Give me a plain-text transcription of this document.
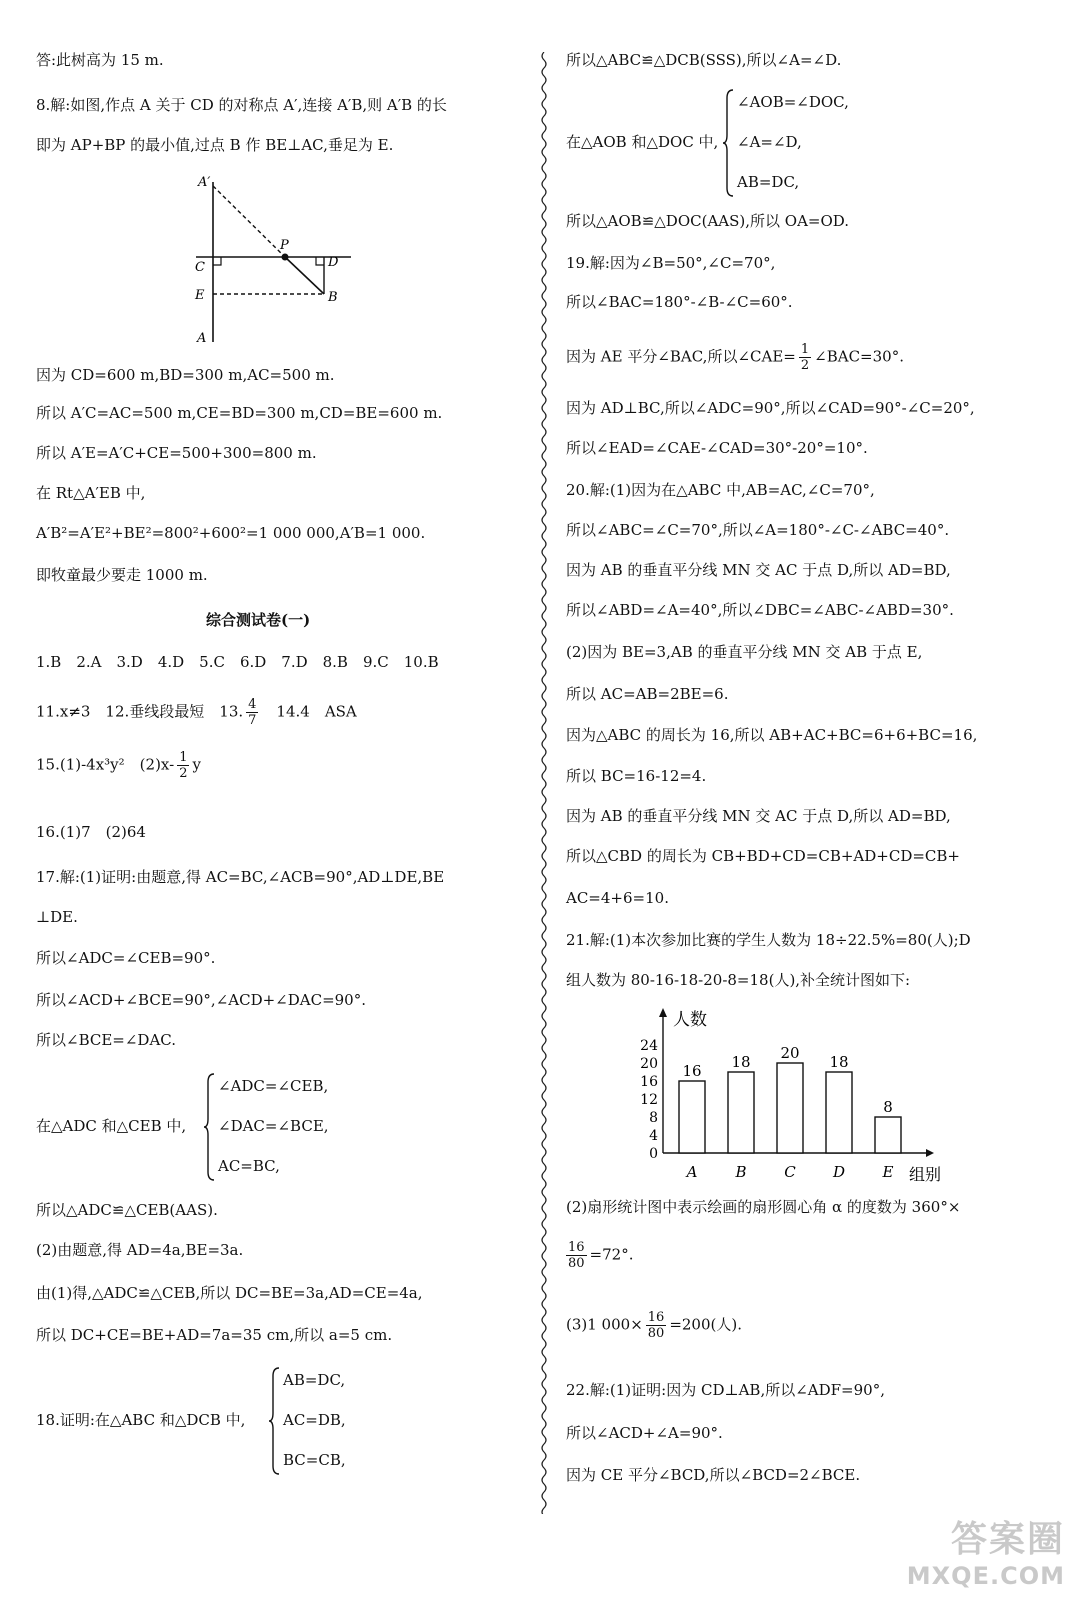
答:此树高为 15 m.
8.解:如图,作点 A 关于 CD 的对称点 A′,连接 A′B,则 A′B 的长
即为 AP+BP 的最小值,过点 B 作 BE⊥AC,垂足为 E.
A′
P
C	D
E	B
A
因为 CD=600 m,BD=300 m,AC=500 m.
所以 A′C=AC=500 m,CE=BD=300 m,CD=BE=600 m.
所以 A′E=A′C+CE=500+300=800 m.
在 Rt△A′EB 中,
A′B²=A′E²+BE²=800²+600²=1 000 000,A′B=1 000.
即牧童最少要走 1000 m.
综合测试卷(一)
1.B　2.A　3.D　4.D　5.C　6.D　7.D　8.B　9.C　10.B
11.x≠3　12.垂线段最短　13. $\frac{4}{7}$ 　14.4　ASA
15.(1)-4x³y²　$(2)x- \frac{1}{2}$ y
16.(1)7　(2)64
17.解:(1)证明:由题意,得 AC=BC,∠ACB=90°,AD⊥DE,BE
⊥DE.
所以∠ADC=∠CEB=90°.
所以∠ACD+∠BCE=90°,∠ACD+∠DAC=90°.
所以∠BCE=∠DAC.
在△ADC 和△CEB 中,
∠ADC=∠CEB,
∠DAC=∠BCE,
AC=BC,
所以△ADC≌△CEB(AAS).
(2)由题意,得 AD=4a,BE=3a.
由(1)得,△ADC≌△CEB,所以 DC=BE=3a,AD=CE=4a,
所以 DC+CE=BE+AD=7a=35 cm,所以 a=5 cm.
18.证明:在△ABC 和△DCB 中,
AB=DC,
AC=DB,
BC=CB,
所以△ABC≌△DCB(SSS),所以∠A=∠D.
在△AOB 和△DOC 中,
∠AOB=∠DOC,
∠A=∠D,
AB=DC,
所以△AOB≌△DOC(AAS),所以 OA=OD.
19.解:因为∠B=50°,∠C=70°,
所以∠BAC=180°-∠B-∠C=60°.
因为 AE 平分∠BAC,所以∠CAE= $\frac{1}{2}$ ∠BAC=30°.
因为 AD⊥BC,所以∠ADC=90°,所以∠CAD=90°-∠C=20°,
所以∠EAD=∠CAE-∠CAD=30°-20°=10°.
20.解:(1)因为在△ABC 中,AB=AC,∠C=70°,
所以∠ABC=∠C=70°,所以∠A=180°-∠C-∠ABC=40°.
因为 AB 的垂直平分线 MN 交 AC 于点 D,所以 AD=BD,
所以∠ABD=∠A=40°,所以∠DBC=∠ABC-∠ABD=30°.
(2)因为 BE=3,AB 的垂直平分线 MN 交 AB 于点 E,
所以 AC=AB=2BE=6.
因为△ABC 的周长为 16,所以 AB+AC+BC=6+6+BC=16,
所以 BC=16-12=4.
因为 AB 的垂直平分线 MN 交 AC 于点 D,所以 AD=BD,
所以△CBD 的周长为 CB+BD+CD=CB+AD+CD=CB+
AC=4+6=10.
21.解:(1)本次参加比赛的学生人数为 18÷22.5%=80(人);D
组人数为 80-16-18-20-8=18(人),补全统计图如下:
人数
组别
24
20
16
12
8
4
0
16
A
18
B
20
C
18
D
8
E
(2)扇形统计图中表示绘画的扇形圆心角 α 的度数为 360°×
$\frac{16}{80} =72^\circ$.
(3)1 $000\times \frac{16}{80} =200$(人).
22.解:(1)证明:因为 CD⊥AB,所以∠ADF=90°,
所以∠ACD+∠A=90°.
因为 CE 平分∠BCD,所以∠BCD=2∠BCE.
答案圈
MXQE.COM
